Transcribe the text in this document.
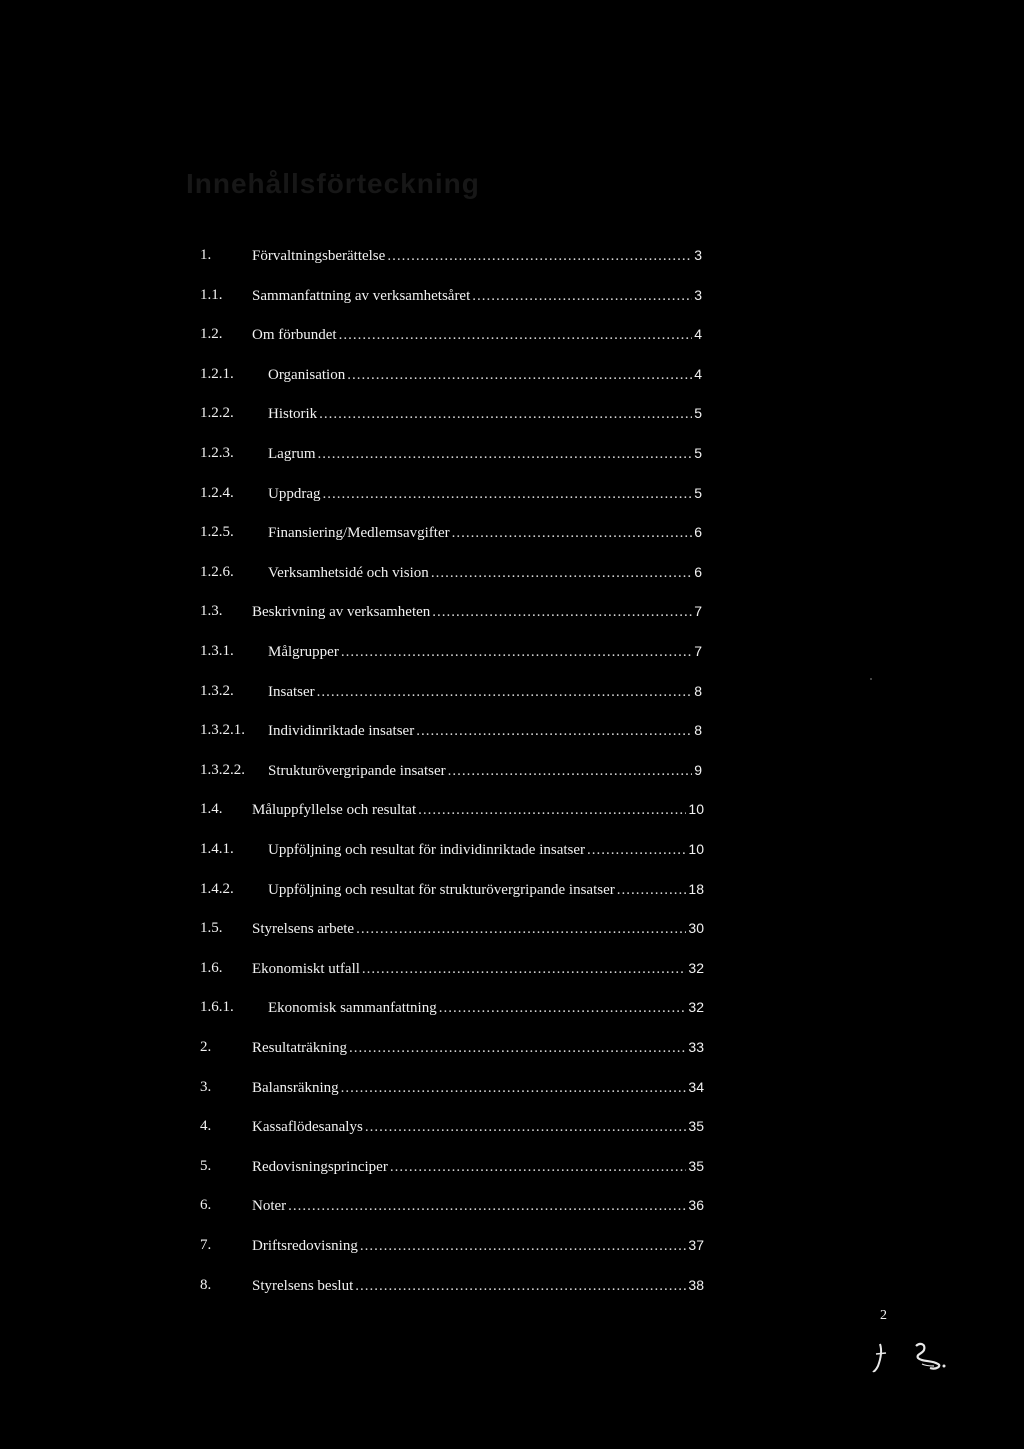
Innehållsförteckning
1.	Förvaltningsberättelse .....	3
1.1. Sammanfattning av verksamhetsåret .....	3
1.2. Om förbundet .....	4
1.2.1. Organisation .....	4
1.2.2. Historik .....	5
1.2.3. Lagrum .....	5
1.2.4. Uppdrag .....	5
1.2.5. Finansiering/Medlemsavgifter .....	6
1.2.6. Verksamhetsidé och vision .....	6
1.3. Beskrivning av verksamheten .....	7
1.3.1. Målgrupper .....	7
1.3.2. Insatser .....	8
1.3.2.1. Individinriktade insatser .....	8
1.3.2.2. Strukturövergripande insatser .....	9
1.4. Måluppfyllelse och resultat .....	10
1.4.1. Uppföljning och resultat för individinriktade insatser .....	10
1.4.2. Uppföljning och resultat för strukturövergripande insatser .....	18
1.5. Styrelsens arbete .....	30
1.6. Ekonomiskt utfall .....	32
1.6.1. Ekonomisk sammanfattning .....	32
2.	Resultaträkning .....	33
3.	Balansräkning .....	34
4.	Kassaflödesanalys .....	35
5.	Redovisningsprinciper .....	35
6.	Noter .....	36
7.	Driftsredovisning .....	37
8.	Styrelsens beslut .....	38
2
